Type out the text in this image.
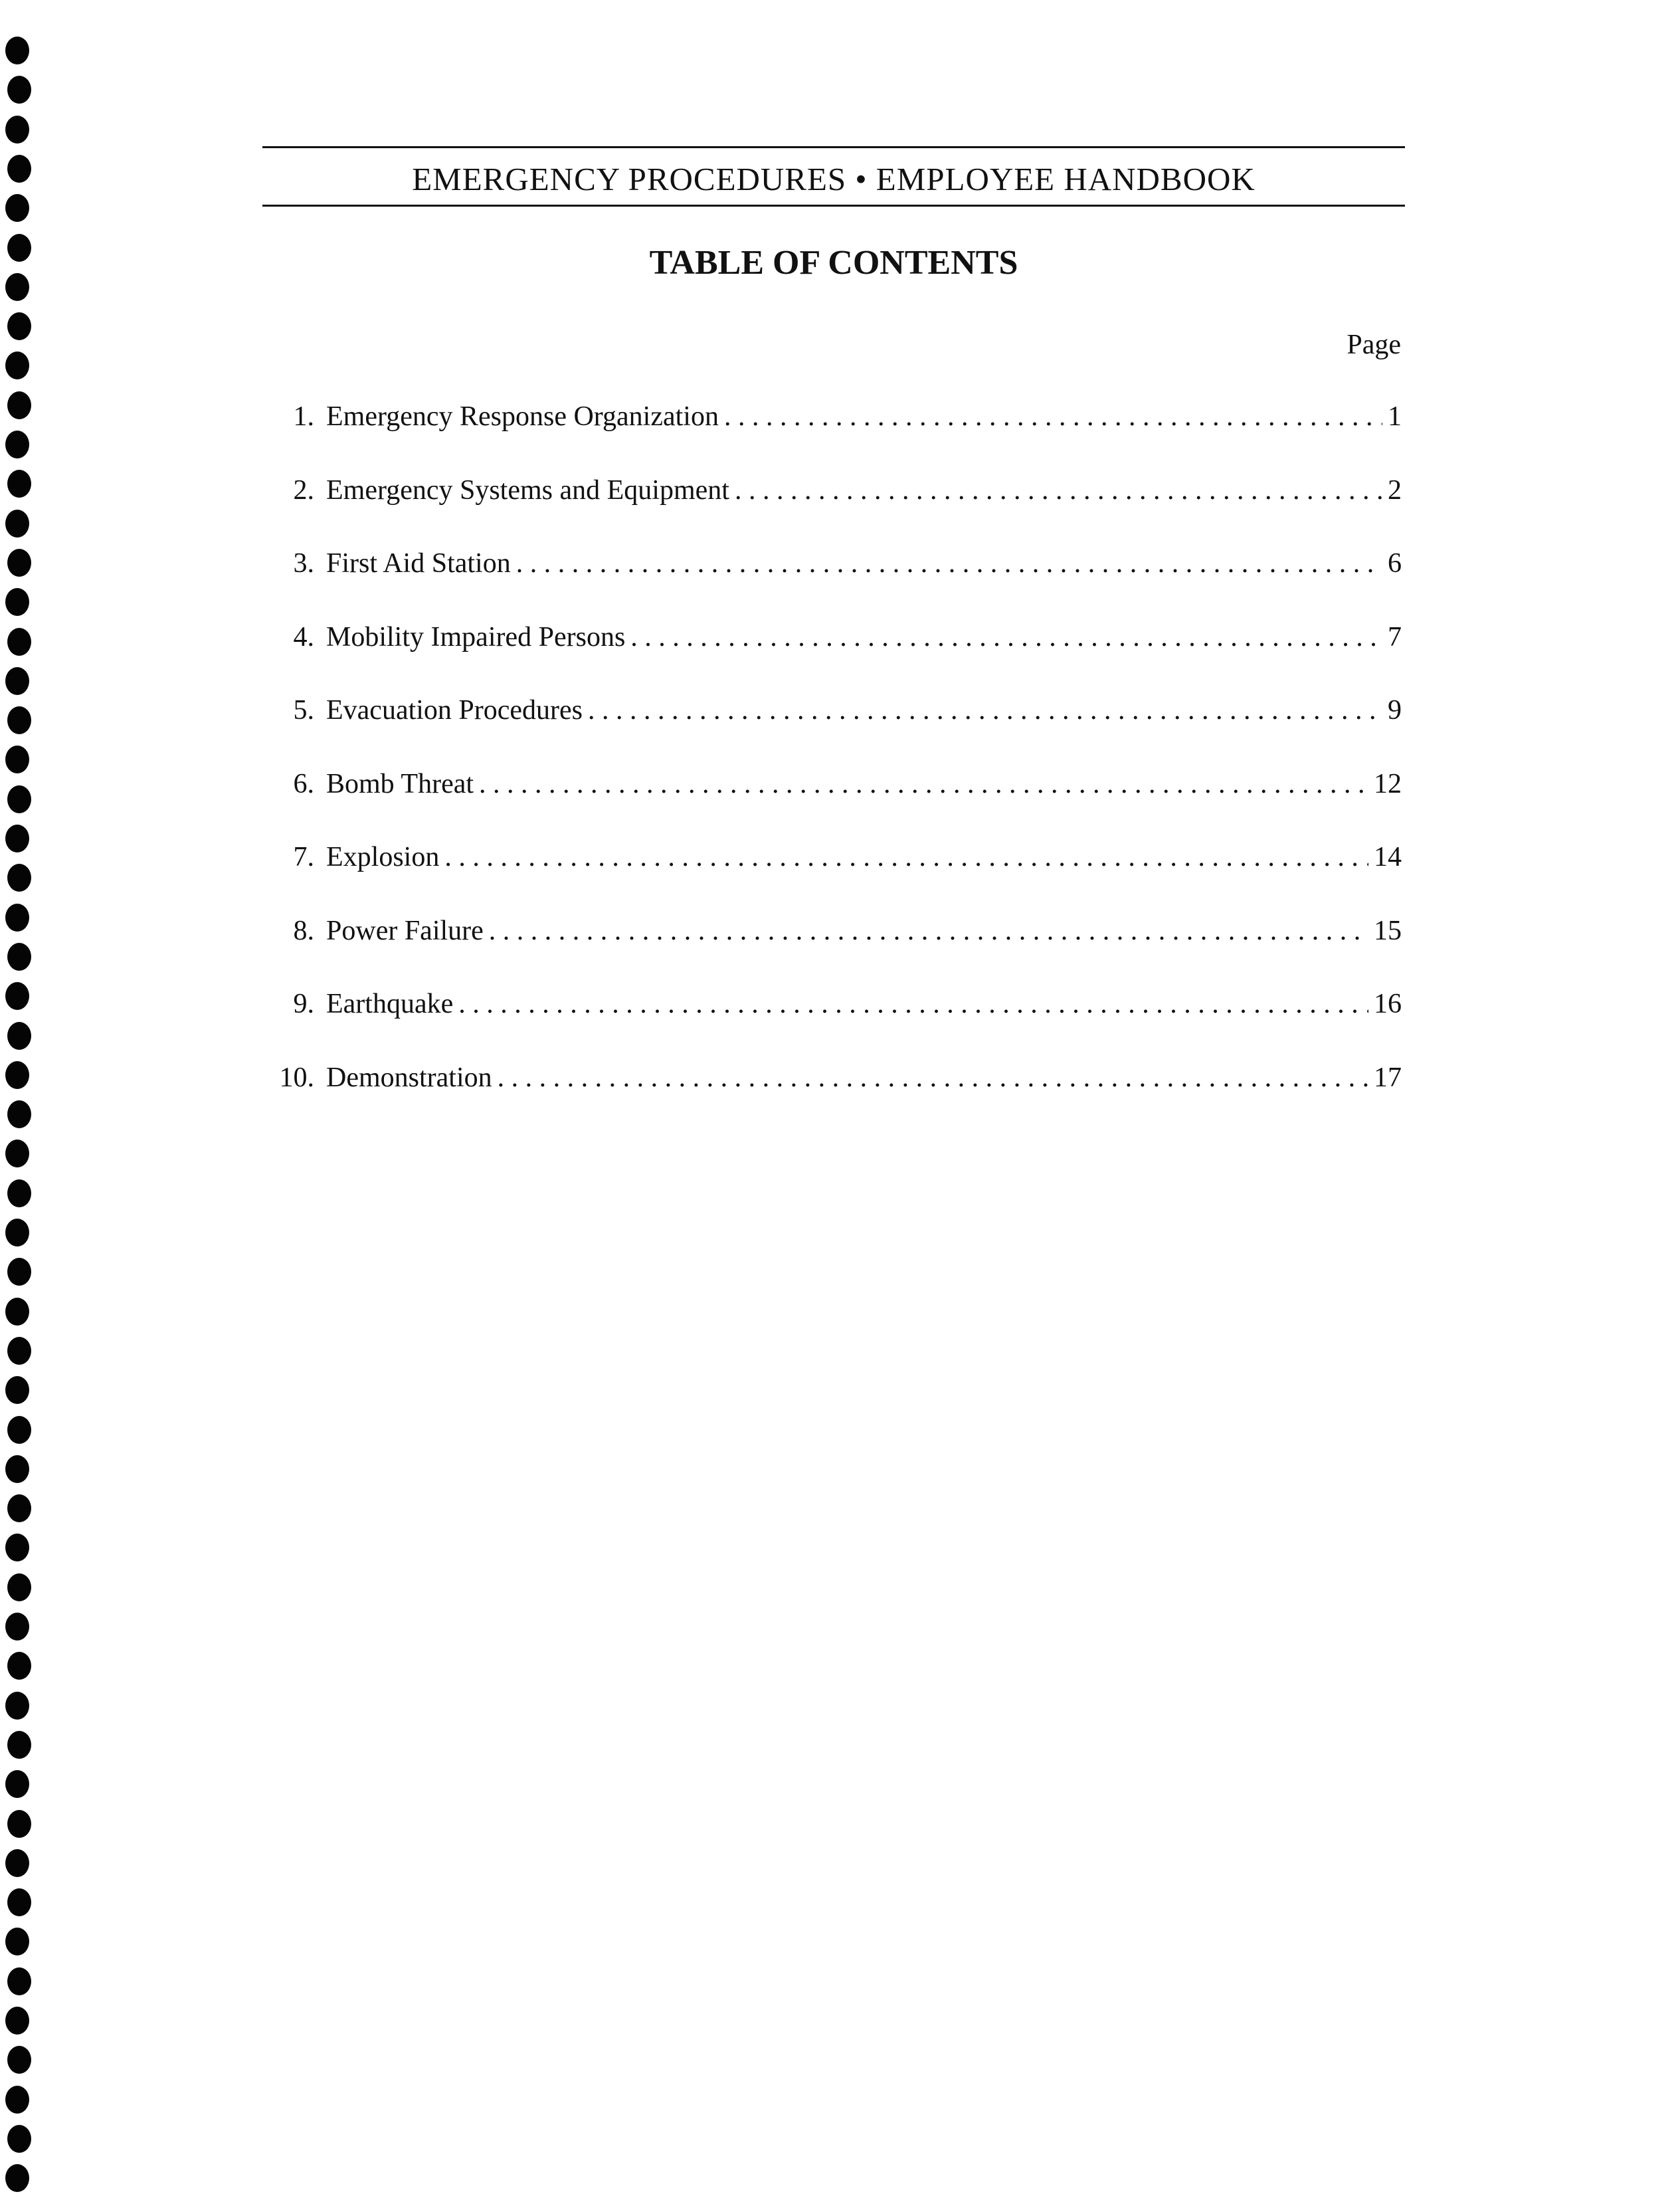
EMERGENCY PROCEDURES • EMPLOYEE HANDBOOK
TABLE OF CONTENTS
Page
1. Emergency Response Organization . . .	1
2. Emergency Systems and Equipment . . .	2
3. First Aid Station . . .	6
4. Mobility Impaired Persons . . .	7
5. Evacuation Procedures . . .	9
6. Bomb Threat . . .	12
7. Explosion . . .	14
8. Power Failure . . .	15
9. Earthquake . . .	16
10. Demonstration . . .	17
